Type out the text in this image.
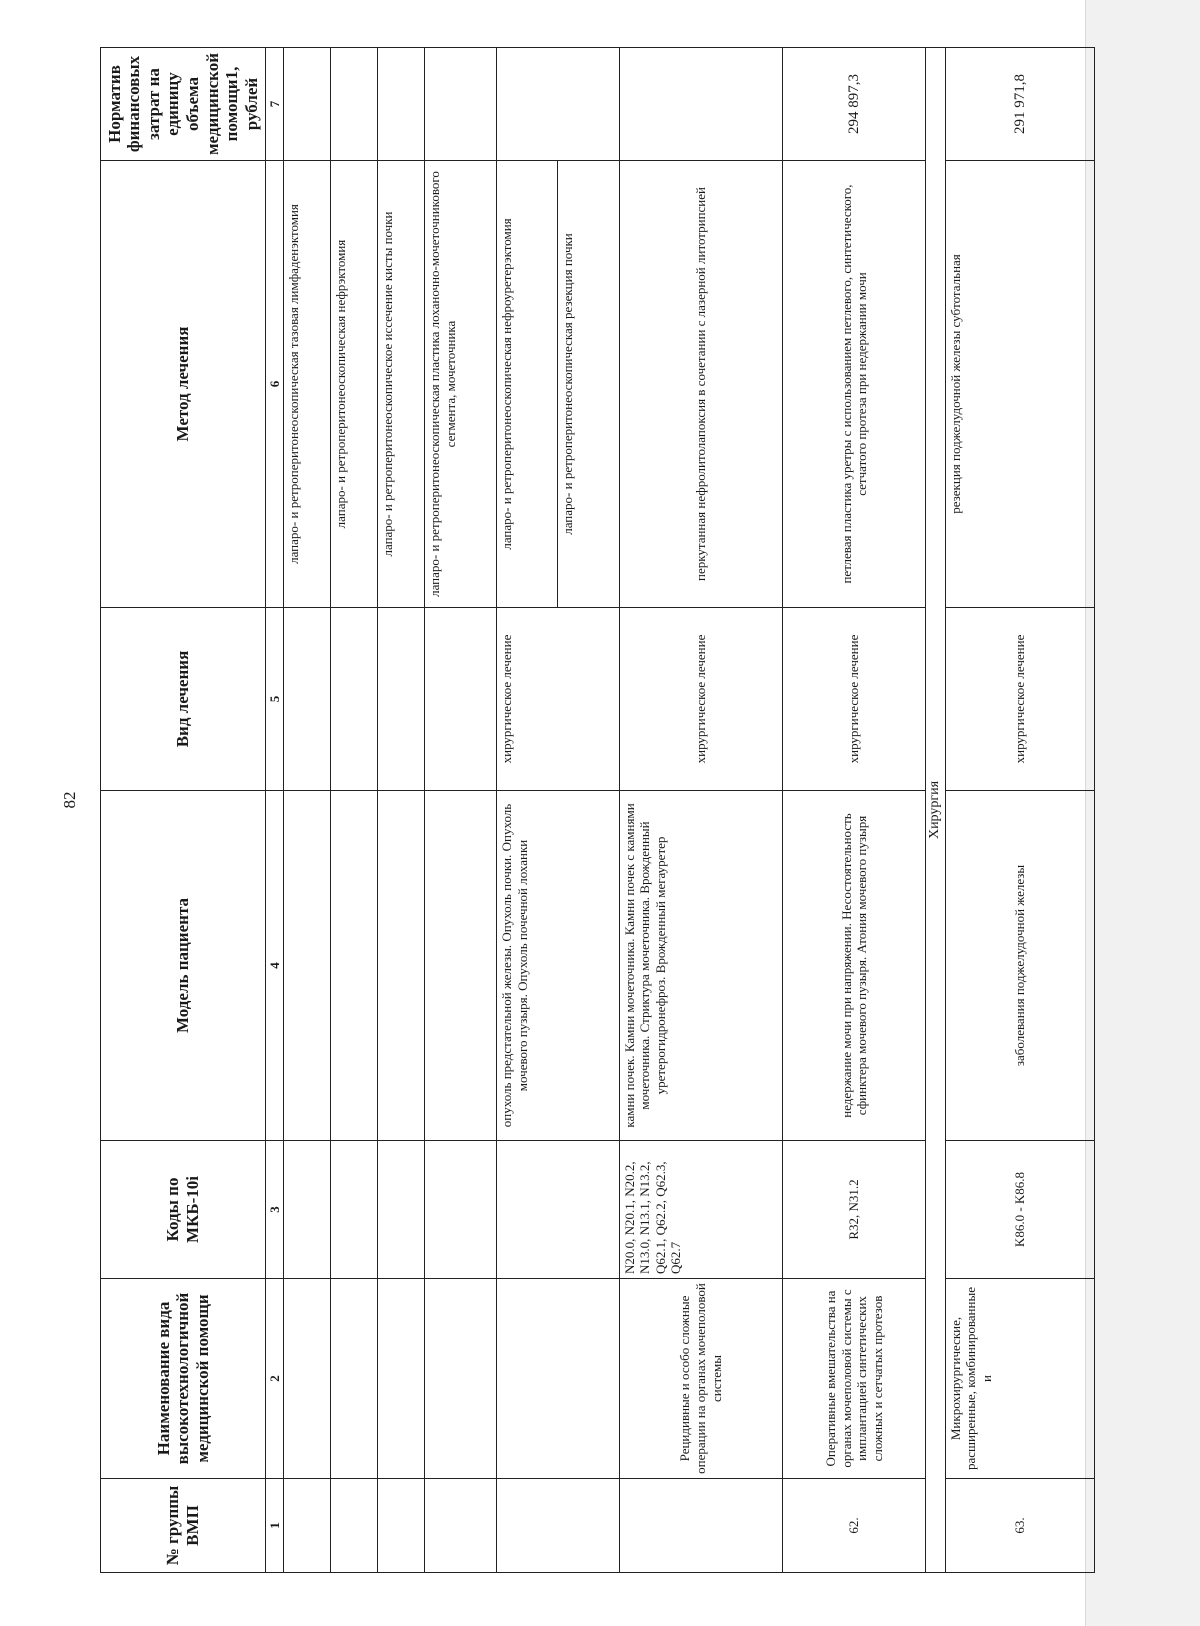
82
№ группы ВМП	Наименование вида высокотехнологичной медицинской помощи	Коды по МКБ-10i	Модель пациента	Вид лечения	Метод лечения	Норматив финансовых затрат на единицу объема медицинской помощи1, рублей
1	2	3	4	5	6	7
					лапаро- и ретроперитонеоскопическая тазовая лимфаденэктомия	
					лапаро- и ретроперитонеоскопическая нефрэктомия	
					лапаро- и ретроперитонеоскопическое иссечение кисты почки	
					лапаро- и ретроперитонеоскопическая пластика лоханочно-мочеточникового сегмента, мочеточника	
			опухоль предстательной железы. Опухоль почки. Опухоль мочевого пузыря. Опухоль почечной лоханки	хирургическое лечение	лапаро- и ретроперитонеоскопическая нефроуретерэктомия	
					лапаро- и ретроперитонеоскопическая резекция почки	
	Рецидивные и особо сложные операции на органах мочеполовой системы	N20.0, N20.1, N20.2, N13.0, N13.1, N13.2, Q62.1, Q62.2, Q62.3, Q62.7	камни почек. Камни мочеточника. Камни почек с камнями мочеточника. Стриктура мочеточника. Врожденный уретерогидронефроз. Врожденный мегауретер	хирургическое лечение	перкутанная нефролитолапоксия в сочетании с лазерной литотрипсией	
62.	Оперативные вмешательства на органах мочеполовой системы с имплантацией синтетических сложных и сетчатых протезов	R32, N31.2	недержание мочи при напряжении. Несостоятельность сфинктера мочевого пузыря. Атония мочевого пузыря	хирургическое лечение	петлевая пластика уретры с использованием петлевого, синтетического, сетчатого протеза при недержании мочи	294 897,3
Хирургия						
63.	Микрохирургические, расширенные, комбинированные и	K86.0 - K86.8	заболевания поджелудочной железы	хирургическое лечение	резекция поджелудочной железы субтотальная	291 971,8
